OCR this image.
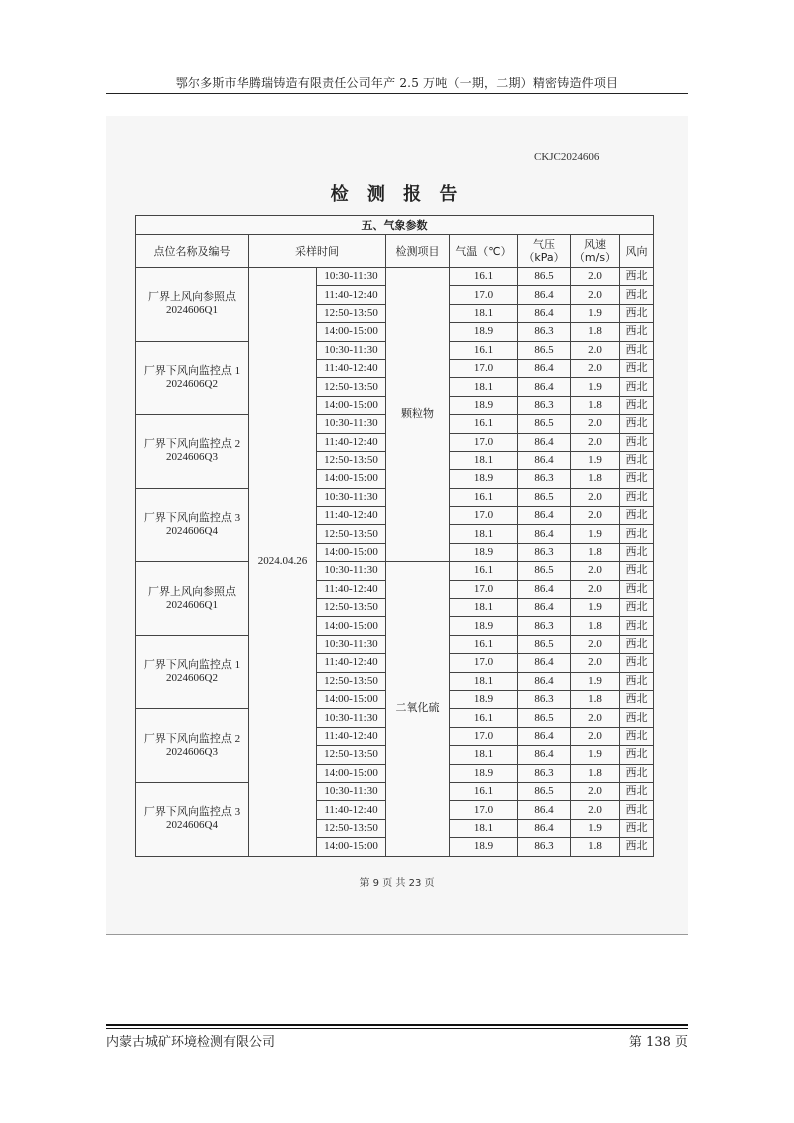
鄂尔多斯市华腾瑞铸造有限责任公司年产 2.5 万吨（一期，二期）精密铸造件项目
CKJC2024606
检 测 报 告
五、气象参数							
点位名称及编号	采样时间		检测项目	气温（℃）	气压（kPa）	风速（m/s）	风向

厂界上风向参照点
2024606Q1	2024.04.26	10:30-11:30	颗粒物	16.1	86.5	2.0	西北
		11:40-12:40		17.0	86.4	2.0	西北
		12:50-13:50		18.1	86.4	1.9	西北
		14:00-15:00		18.9	86.3	1.8	西北

厂界下风向监控点 1
2024606Q2		10:30-11:30		16.1	86.5	2.0	西北
		11:40-12:40		17.0	86.4	2.0	西北
		12:50-13:50		18.1	86.4	1.9	西北
		14:00-15:00		18.9	86.3	1.8	西北

厂界下风向监控点 2
2024606Q3		10:30-11:30		16.1	86.5	2.0	西北
		11:40-12:40		17.0	86.4	2.0	西北
		12:50-13:50		18.1	86.4	1.9	西北
		14:00-15:00		18.9	86.3	1.8	西北

厂界下风向监控点 3
2024606Q4		10:30-11:30		16.1	86.5	2.0	西北
		11:40-12:40		17.0	86.4	2.0	西北
		12:50-13:50		18.1	86.4	1.9	西北
		14:00-15:00		18.9	86.3	1.8	西北

厂界上风向参照点
2024606Q1		10:30-11:30	二氧化硫	16.1	86.5	2.0	西北
		11:40-12:40		17.0	86.4	2.0	西北
		12:50-13:50		18.1	86.4	1.9	西北
		14:00-15:00		18.9	86.3	1.8	西北

厂界下风向监控点 1
2024606Q2		10:30-11:30		16.1	86.5	2.0	西北
		11:40-12:40		17.0	86.4	2.0	西北
		12:50-13:50		18.1	86.4	1.9	西北
		14:00-15:00		18.9	86.3	1.8	西北

厂界下风向监控点 2
2024606Q3		10:30-11:30		16.1	86.5	2.0	西北
		11:40-12:40		17.0	86.4	2.0	西北
		12:50-13:50		18.1	86.4	1.9	西北
		14:00-15:00		18.9	86.3	1.8	西北

厂界下风向监控点 3
2024606Q4		10:30-11:30		16.1	86.5	2.0	西北
		11:40-12:40		17.0	86.4	2.0	西北
		12:50-13:50		18.1	86.4	1.9	西北
		14:00-15:00		18.9	86.3	1.8	西北
第 9 页 共 23 页
内蒙古城矿环境检测有限公司	第 138 页
